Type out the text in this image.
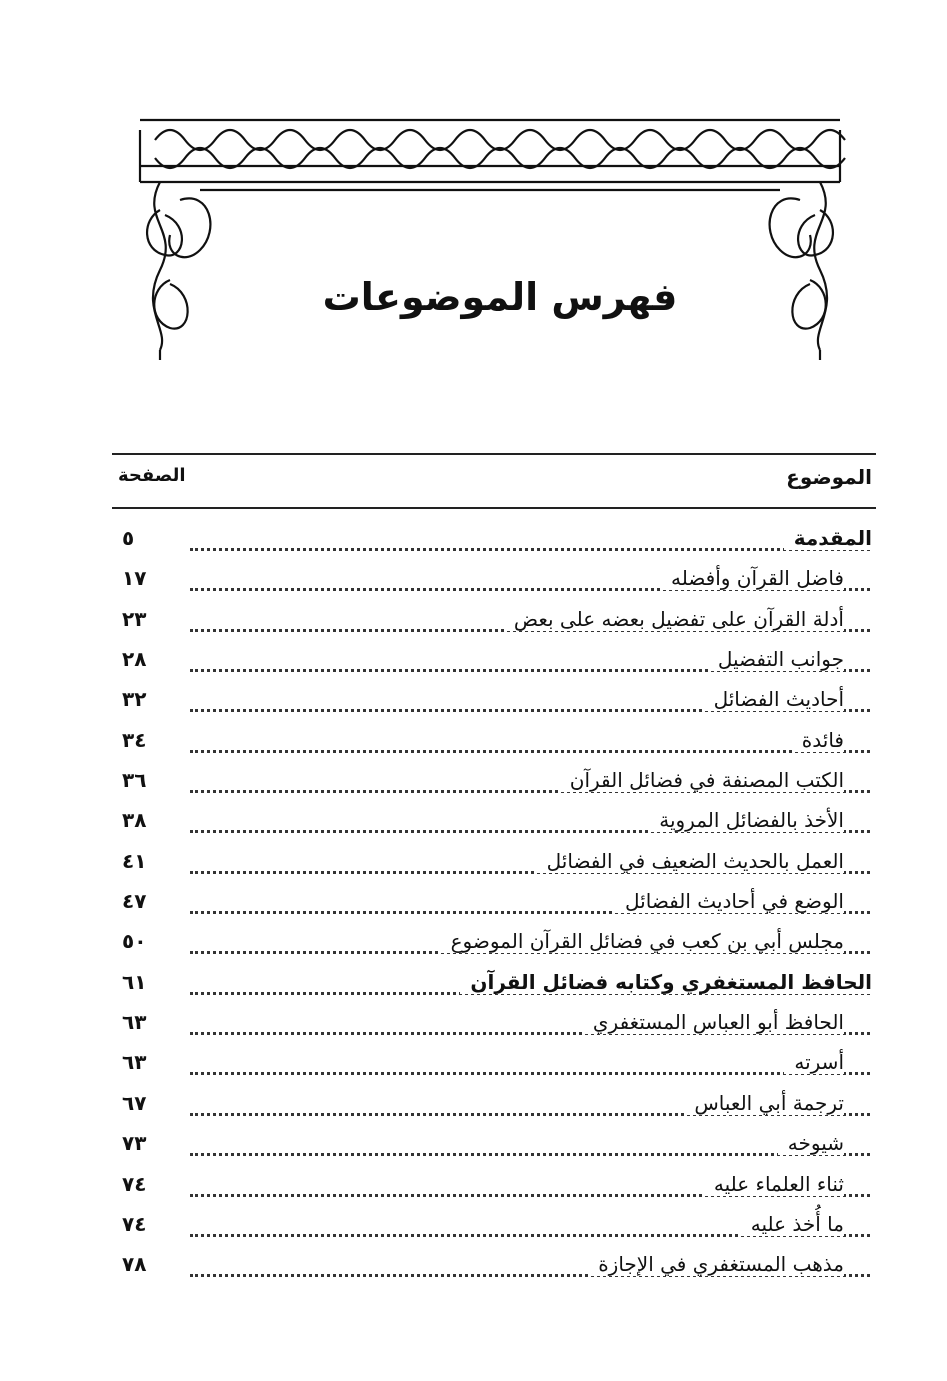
فهرس الموضوعات
الموضوع
الصفحة
المقدمة
٥
فاضل القرآن وأفضله
١٧
أدلة القرآن على تفضيل بعضه على بعض
٢٣
جوانب التفضيل
٢٨
أحاديث الفضائل
٣٢
فائدة
٣٤
الكتب المصنفة في فضائل القرآن
٣٦
الأخذ بالفضائل المروية
٣٨
العمل بالحديث الضعيف في الفضائل
٤١
الوضع في أحاديث الفضائل
٤٧
مجلس أبي بن كعب في فضائل القرآن الموضوع
٥٠
الحافظ المستغفري وكتابه فضائل القرآن
٦١
الحافظ أبو العباس المستغفري
٦٣
أسرته
٦٣
ترجمة أبي العباس
٦٧
شيوخه
٧٣
ثناء العلماء عليه
٧٤
ما أُخذ عليه
٧٤
مذهب المستغفري في الإجازة
٧٨
